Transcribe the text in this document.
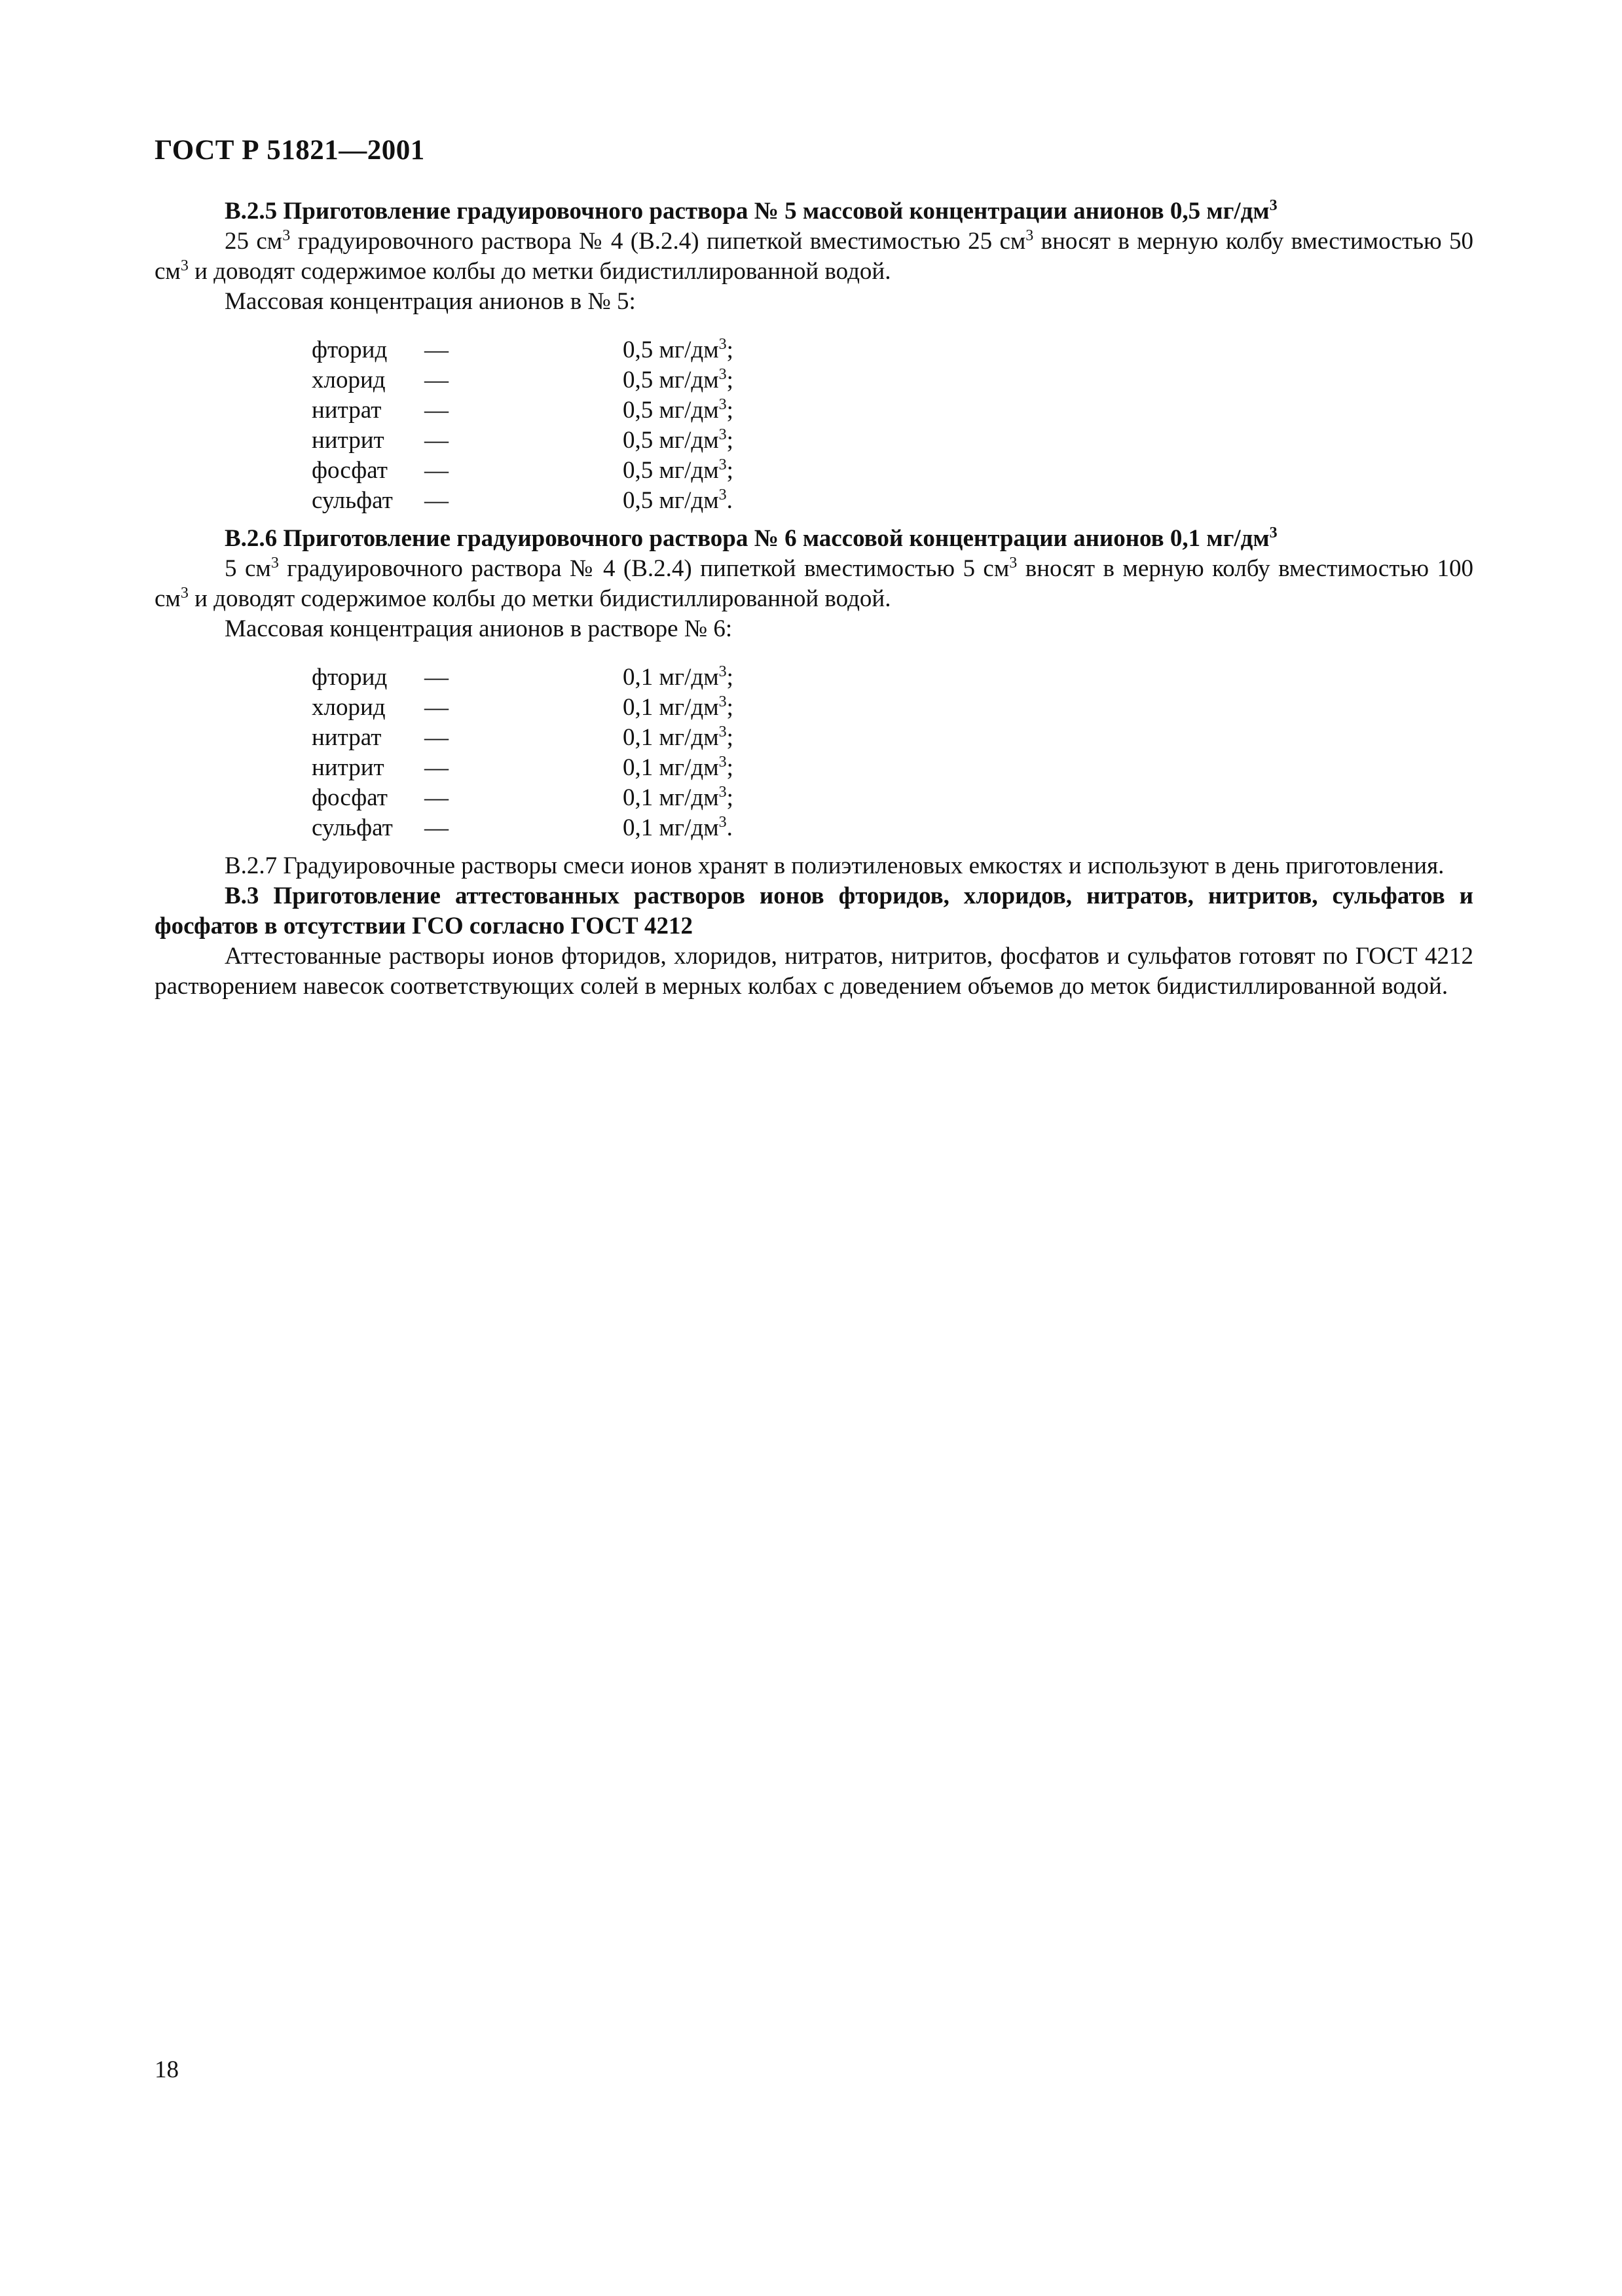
ГОСТ Р 51821—2001

В.2.5 Приготовление градуировочного раствора № 5 массовой концентрации анионов 0,5 $мг/дм^3$

25 $см^3$ градуировочного раствора № 4 (В.2.4) пипеткой вместимостью 25 $см^3$ вносят в мерную колбу вместимостью 50 $см^3$ и доводят содержимое колбы до метки бидистиллированной водой.

Массовая концентрация анионов в № 5:

фторид	—	0,5 $мг/дм^3$;
хлорид	—	0,5 $мг/дм^3$;
нитрат	—	0,5 $мг/дм^3$;
нитрит	—	0,5 $мг/дм^3$;
фосфат	—	0,5 $мг/дм^3$;
сульфат	—	0,5 $мг/дм^3$.

В.2.6 Приготовление градуировочного раствора № 6 массовой концентрации анионов 0,1 $мг/дм^3$

5 $см^3$ градуировочного раствора № 4 (В.2.4) пипеткой вместимостью 5 $см^3$ вносят в мерную колбу вместимостью 100 $см^3$ и доводят содержимое колбы до метки бидистиллированной водой.

Массовая концентрация анионов в растворе № 6:

фторид	—	0,1 $мг/дм^3$;
хлорид	—	0,1 $мг/дм^3$;
нитрат	—	0,1 $мг/дм^3$;
нитрит	—	0,1 $мг/дм^3$;
фосфат	—	0,1 $мг/дм^3$;
сульфат	—	0,1 $мг/дм^3$.

В.2.7 Градуировочные растворы смеси ионов хранят в полиэтиленовых емкостях и используют в день приготовления.

В.3 Приготовление аттестованных растворов ионов фторидов, хлоридов, нитратов, нитритов, сульфатов и фосфатов в отсутствии ГСО согласно ГОСТ 4212

Аттестованные растворы ионов фторидов, хлоридов, нитратов, нитритов, фосфатов и сульфатов готовят по ГОСТ 4212 растворением навесок соответствующих солей в мерных колбах с доведением объемов до меток бидистиллированной водой.

18
